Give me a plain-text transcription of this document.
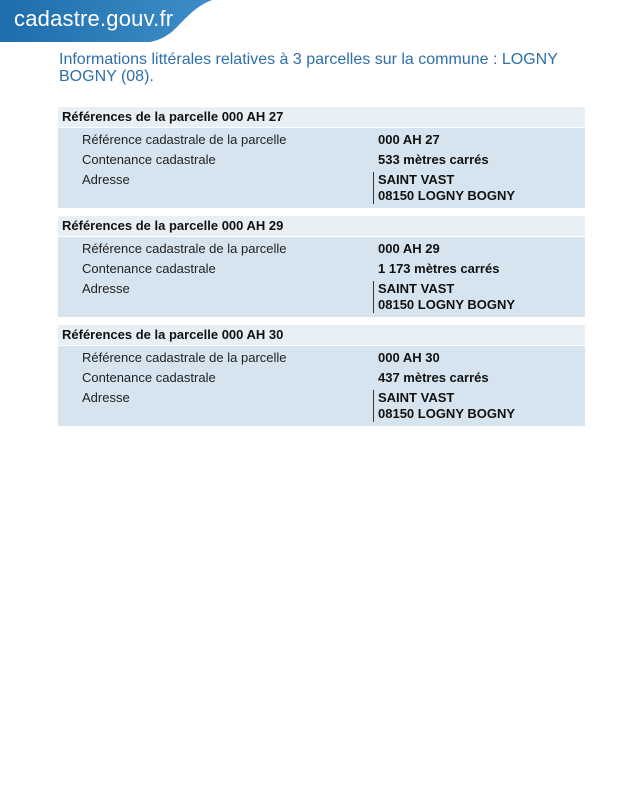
cadastre.gouv.fr
Informations littérales relatives à 3 parcelles sur la commune : LOGNY BOGNY (08).
Références de la parcelle 000 AH 27
Référence cadastrale de la parcelle	000 AH 27
Contenance cadastrale	533 mètres carrés
Adresse	SAINT VAST
08150 LOGNY BOGNY
Références de la parcelle 000 AH 29
Référence cadastrale de la parcelle	000 AH 29
Contenance cadastrale	1 173 mètres carrés
Adresse	SAINT VAST
08150 LOGNY BOGNY
Références de la parcelle 000 AH 30
Référence cadastrale de la parcelle	000 AH 30
Contenance cadastrale	437 mètres carrés
Adresse	SAINT VAST
08150 LOGNY BOGNY
